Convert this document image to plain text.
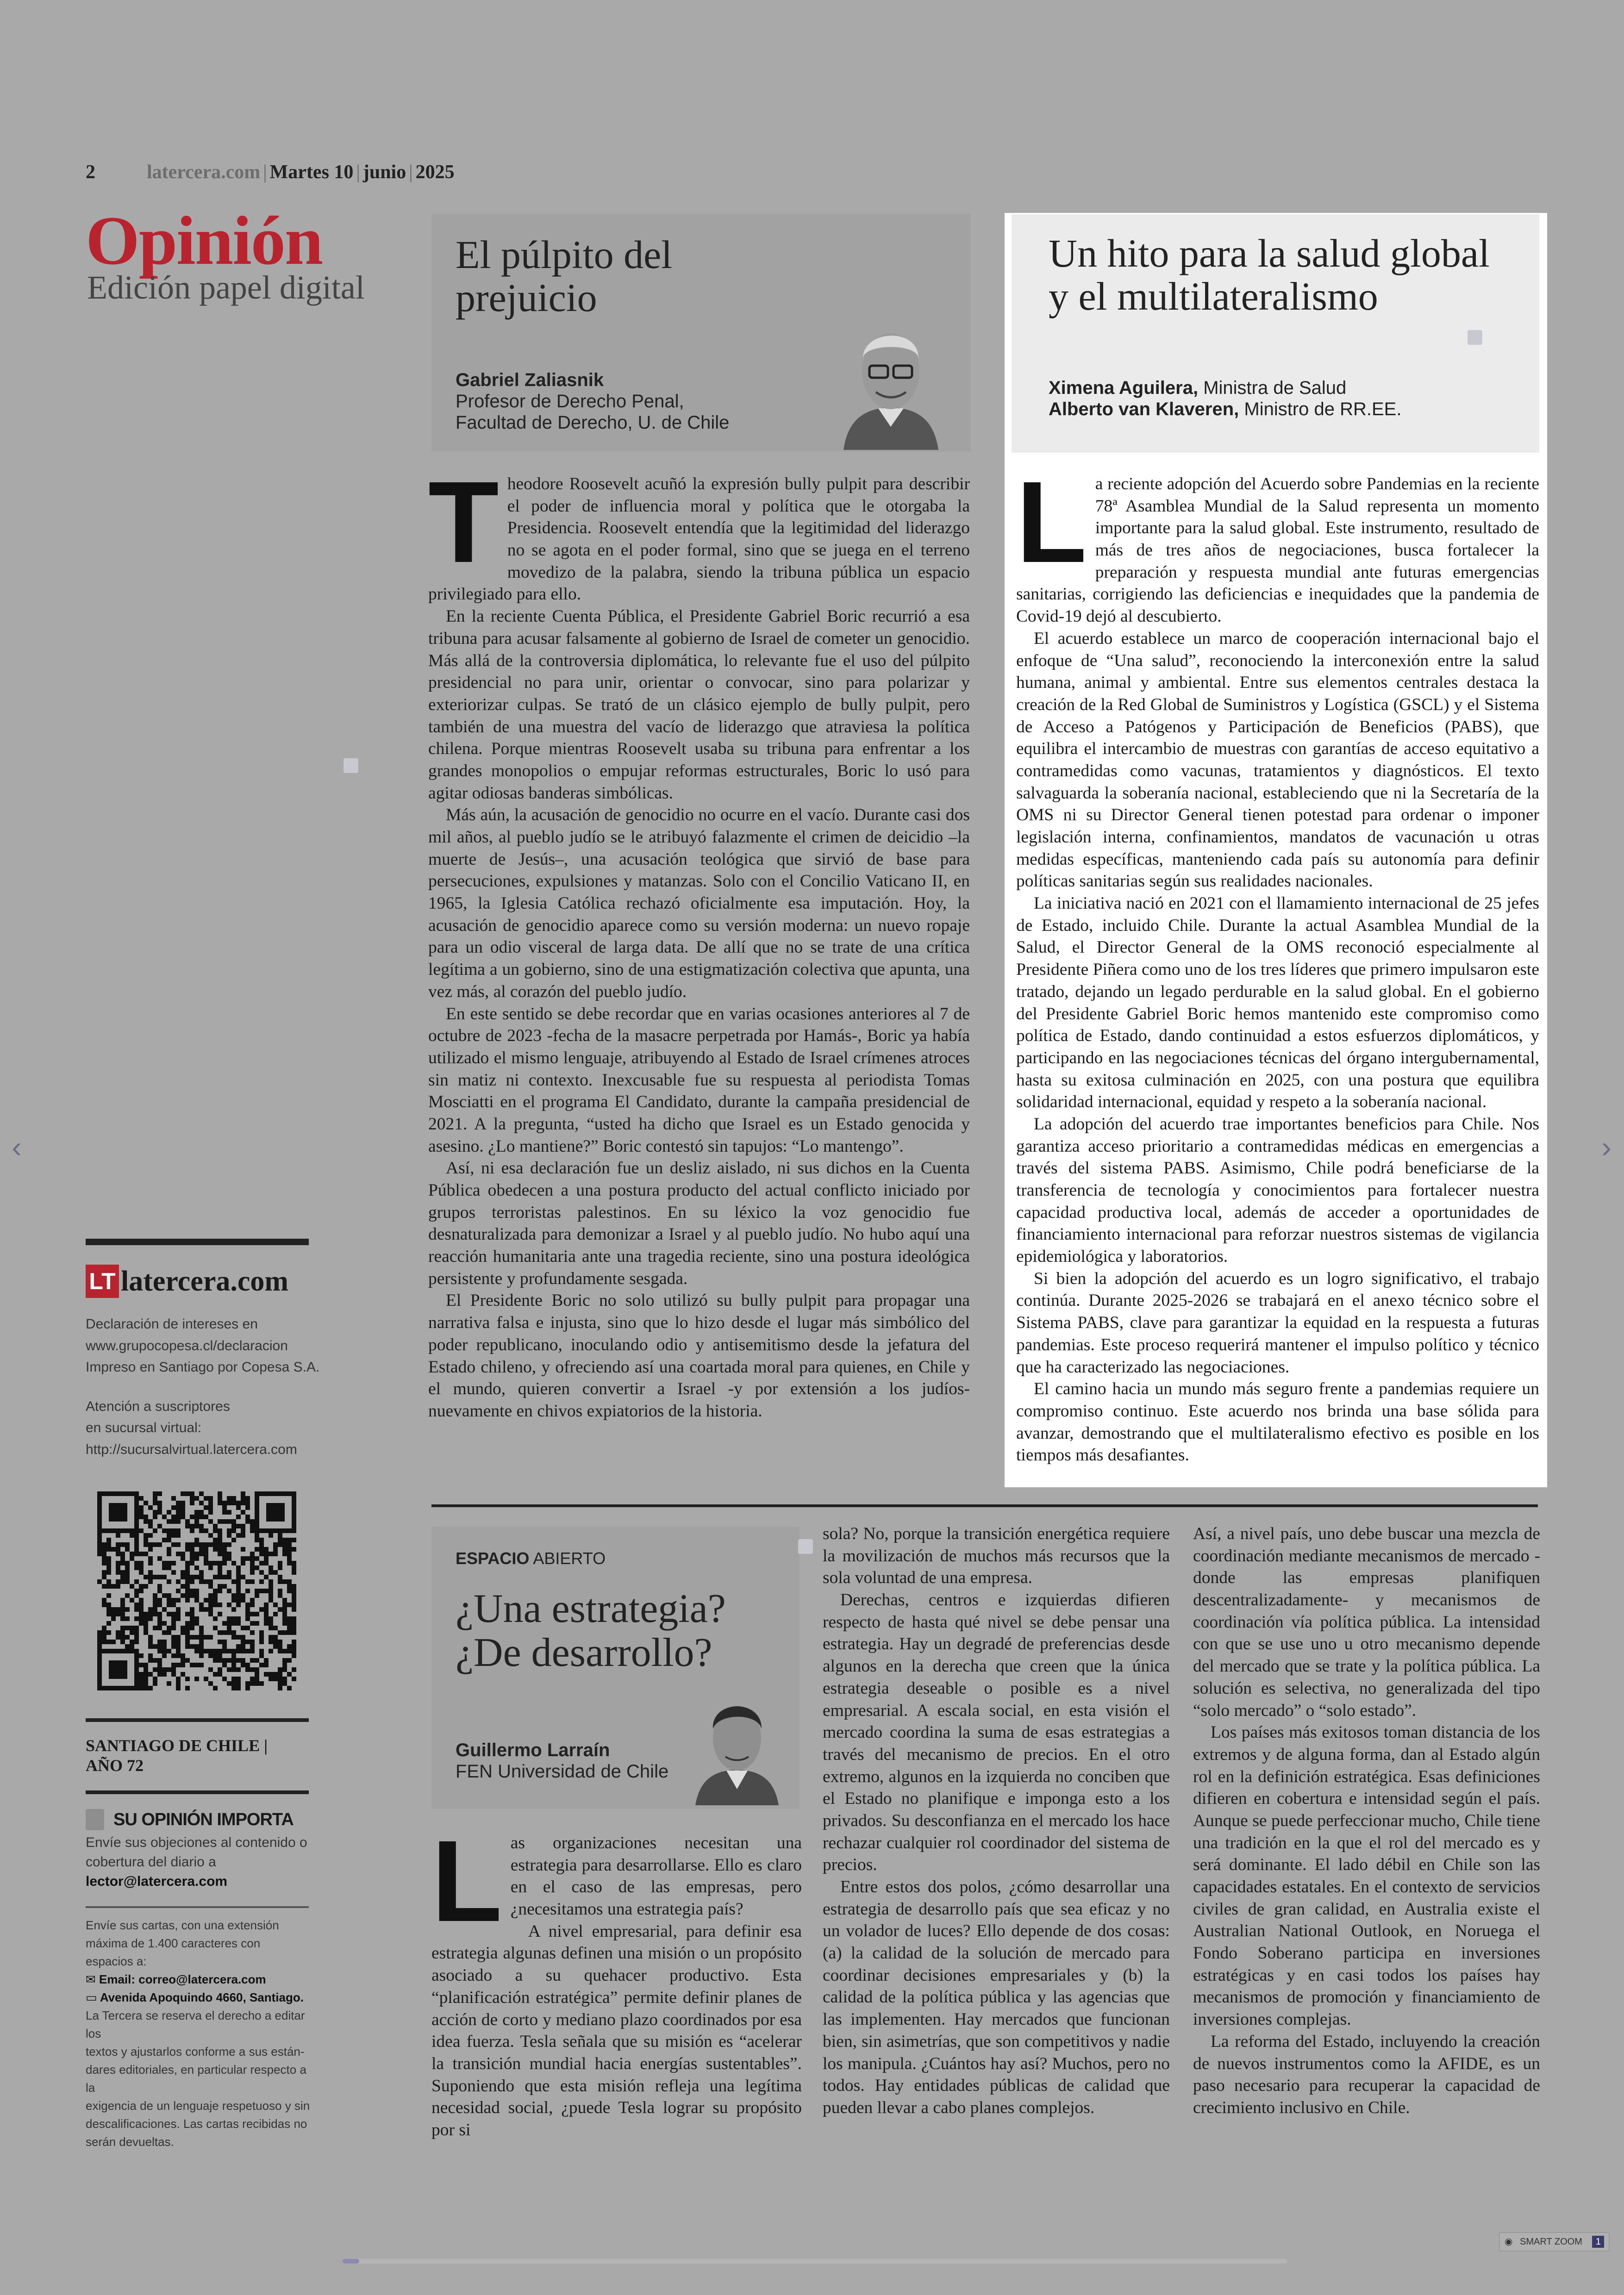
2	latercera.com | Martes 10 | junio | 2025
Opinión
Edición papel digital
El púlpito del
prejuicio
Gabriel Zaliasnik
Profesor de Derecho Penal,
Facultad de Derecho, U. de Chile
T heodore Roosevelt acuñó la expresión bully pulpit para describir el poder de influencia moral y política que le otorgaba la Presidencia. Roosevelt entendía que la legitimidad del liderazgo no se agota en el poder formal, sino que se juega en el terreno movedizo de la palabra, siendo la tribuna pública un espacio privilegiado para ello.

En la reciente Cuenta Pública, el Presidente Gabriel Boric recurrió a esa tribuna para acusar falsamente al gobierno de Israel de cometer un genocidio. Más allá de la controversia diplomática, lo relevante fue el uso del púlpito presidencial no para unir, orientar o convocar, sino para polarizar y exteriorizar culpas. Se trató de un clásico ejemplo de bully pulpit, pero también de una muestra del vacío de liderazgo que atraviesa la política chilena. Porque mientras Roosevelt usaba su tribuna para enfrentar a los grandes monopolios o empujar reformas estructurales, Boric lo usó para agitar odiosas banderas simbólicas.

Más aún, la acusación de genocidio no ocurre en el vacío. Durante casi dos mil años, al pueblo judío se le atribuyó falazmente el crimen de deicidio –la muerte de Jesús–, una acusación teológica que sirvió de base para persecuciones, expulsiones y matanzas. Solo con el Concilio Vaticano II, en 1965, la Iglesia Católica rechazó oficialmente esa imputación. Hoy, la acusación de genocidio aparece como su versión moderna: un nuevo ropaje para un odio visceral de larga data. De allí que no se trate de una crítica legítima a un gobierno, sino de una estigmatización colectiva que apunta, una vez más, al corazón del pueblo judío.

En este sentido se debe recordar que en varias ocasiones anteriores al 7 de octubre de 2023 -fecha de la masacre perpetrada por Hamás-, Boric ya había utilizado el mismo lenguaje, atribuyendo al Estado de Israel crímenes atroces sin matiz ni contexto. Inexcusable fue su respuesta al periodista Tomas Mosciatti en el programa El Candidato, durante la campaña presidencial de 2021. A la pregunta, “usted ha dicho que Israel es un Estado genocida y asesino. ¿Lo mantiene?” Boric contestó sin tapujos: “Lo mantengo”.

Así, ni esa declaración fue un desliz aislado, ni sus dichos en la Cuenta Pública obedecen a una postura producto del actual conflicto iniciado por grupos terroristas palestinos. En su léxico la voz genocidio fue desnaturalizada para demonizar a Israel y al pueblo judío. No hubo aquí una reacción humanitaria ante una tragedia reciente, sino una postura ideológica persistente y profundamente sesgada.

El Presidente Boric no solo utilizó su bully pulpit para propagar una narrativa falsa e injusta, sino que lo hizo desde el lugar más simbólico del poder republicano, inoculando odio y antisemitismo desde la jefatura del Estado chileno, y ofreciendo así una coartada moral para quienes, en Chile y el mundo, quieren convertir a Israel -y por extensión a los judíos- nuevamente en chivos expiatorios de la historia.

Un hito para la salud global
y el multilateralismo
Ximena Aguilera, Ministra de Salud
Alberto van Klaveren, Ministro de RR.EE.
L a reciente adopción del Acuerdo sobre Pandemias en la reciente 78ª Asamblea Mundial de la Salud representa un momento importante para la salud global. Este instrumento, resultado de más de tres años de negociaciones, busca fortalecer la preparación y respuesta mundial ante futuras emergencias sanitarias, corrigiendo las deficiencias e inequidades que la pandemia de Covid-19 dejó al descubierto.

El acuerdo establece un marco de cooperación internacional bajo el enfoque de “Una salud”, reconociendo la interconexión entre la salud humana, animal y ambiental. Entre sus elementos centrales destaca la creación de la Red Global de Suministros y Logística (GSCL) y el Sistema de Acceso a Patógenos y Participación de Beneficios (PABS), que equilibra el intercambio de muestras con garantías de acceso equitativo a contramedidas como vacunas, tratamientos y diagnósticos. El texto salvaguarda la soberanía nacional, estableciendo que ni la Secretaría de la OMS ni su Director General tienen potestad para ordenar o imponer legislación interna, confinamientos, mandatos de vacunación u otras medidas específicas, manteniendo cada país su autonomía para definir políticas sanitarias según sus realidades nacionales.

La iniciativa nació en 2021 con el llamamiento internacional de 25 jefes de Estado, incluido Chile. Durante la actual Asamblea Mundial de la Salud, el Director General de la OMS reconoció especialmente al Presidente Piñera como uno de los tres líderes que primero impulsaron este tratado, dejando un legado perdurable en la salud global. En el gobierno del Presidente Gabriel Boric hemos mantenido este compromiso como política de Estado, dando continuidad a estos esfuerzos diplomáticos, y participando en las negociaciones técnicas del órgano intergubernamental, hasta su exitosa culminación en 2025, con una postura que equilibra solidaridad internacional, equidad y respeto a la soberanía nacional.

La adopción del acuerdo trae importantes beneficios para Chile. Nos garantiza acceso prioritario a contramedidas médicas en emergencias a través del sistema PABS. Asimismo, Chile podrá beneficiarse de la transferencia de tecnología y conocimientos para fortalecer nuestra capacidad productiva local, además de acceder a oportunidades de financiamiento internacional para reforzar nuestros sistemas de vigilancia epidemiológica y laboratorios.

Si bien la adopción del acuerdo es un logro significativo, el trabajo continúa. Durante 2025-2026 se trabajará en el anexo técnico sobre el Sistema PABS, clave para garantizar la equidad en la respuesta a futuras pandemias. Este proceso requerirá mantener el impulso político y técnico que ha caracterizado las negociaciones.

El camino hacia un mundo más seguro frente a pandemias requiere un compromiso continuo. Este acuerdo nos brinda una base sólida para avanzar, demostrando que el multilateralismo efectivo es posible en los tiempos más desafiantes.

ESPACIO ABIERTO
¿Una estrategia?
¿De desarrollo?
Guillermo Larraín
FEN Universidad de Chile
L as organizaciones necesitan una estrategia para desarrollarse. Ello es claro en el caso de las empresas, pero ¿necesitamos una estrategia país?

A nivel empresarial, para definir esa estrategia algunas definen una misión o un propósito asociado a su quehacer productivo. Esta “planificación estratégica” permite definir planes de acción de corto y mediano plazo coordinados por esa idea fuerza. Tesla señala que su misión es “acelerar la transición mundial hacia energías sustentables”. Suponiendo que esta misión refleja una legítima necesidad social, ¿puede Tesla lograr su propósito por si

sola? No, porque la transición energética requiere la movilización de muchos más recursos que la sola voluntad de una empresa.

Derechas, centros e izquierdas difieren respecto de hasta qué nivel se debe pensar una estrategia. Hay un degradé de preferencias desde algunos en la derecha que creen que la única estrategia deseable o posible es a nivel empresarial. A escala social, en esta visión el mercado coordina la suma de esas estrategias a través del mecanismo de precios. En el otro extremo, algunos en la izquierda no conciben que el Estado no planifique e imponga esto a los privados. Su desconfianza en el mercado los hace rechazar cualquier rol coordinador del sistema de precios.

Entre estos dos polos, ¿cómo desarrollar una estrategia de desarrollo país que sea eficaz y no un volador de luces? Ello depende de dos cosas: (a) la calidad de la solución de mercado para coordinar decisiones empresariales y (b) la calidad de la política pública y las agencias que las implementen. Hay mercados que funcionan bien, sin asimetrías, que son competitivos y nadie los manipula. ¿Cuántos hay así? Muchos, pero no todos. Hay entidades públicas de calidad que pueden llevar a cabo planes complejos.

Así, a nivel país, uno debe buscar una mezcla de coordinación mediante mecanismos de mercado -donde las empresas planifiquen descentralizadamente- y mecanismos de coordinación vía política pública. La intensidad con que se use uno u otro mecanismo depende del mercado que se trate y la política pública. La solución es selectiva, no generalizada del tipo “solo mercado” o “solo estado”.

Los países más exitosos toman distancia de los extremos y de alguna forma, dan al Estado algún rol en la definición estratégica. Esas definiciones difieren en cobertura e intensidad según el país. Aunque se puede perfeccionar mucho, Chile tiene una tradición en la que el rol del mercado es y será dominante. El lado débil en Chile son las capacidades estatales. En el contexto de servicios civiles de gran calidad, en Australia existe el Australian National Outlook, en Noruega el Fondo Soberano participa en inversiones estratégicas y en casi todos los países hay mecanismos de promoción y financiamiento de inversiones complejas.

La reforma del Estado, incluyendo la creación de nuevos instrumentos como la AFIDE, es un paso necesario para recuperar la capacidad de crecimiento inclusivo en Chile.

LT latercera.com
Declaración de intereses en
www.grupocopesa.cl/declaracion
Impreso en Santiago por Copesa S.A.
Atención a suscriptores
en sucursal virtual:
http://sucursalvirtual.latercera.com
SANTIAGO DE CHILE |
AÑO 72
SU OPINIÓN IMPORTA
Envíe sus objeciones al contenido o
cobertura del diario a
lector@latercera.com
Envíe sus cartas, con una extensión
máxima de 1.400 caracteres con
espacios a:
✉ Email: correo@latercera.com
▭ Avenida Apoquindo 4660, Santiago.
La Tercera se reserva el derecho a editar los
textos y ajustarlos conforme a sus están-
dares editoriales, en particular respecto a la
exigencia de un lenguaje respetuoso y sin
descalificaciones. Las cartas recibidas no
serán devueltas.
‹	›
◉ SMART ZOOM 1
